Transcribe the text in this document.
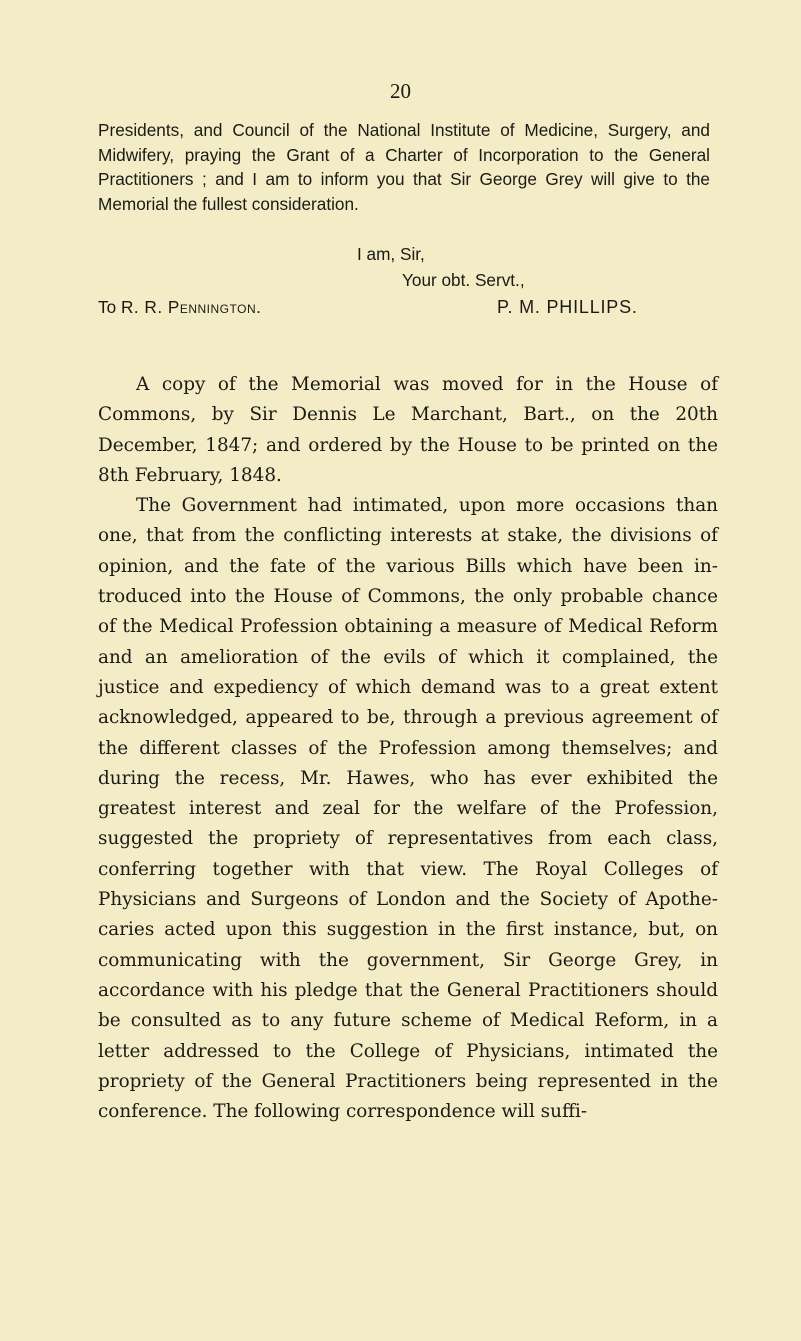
20

Presidents, and Council of the National Institute of Medicine, Surgery, and Midwifery, praying the Grant of a Charter of Incorporation to the General Practitioners ; and I am to inform you that Sir George Grey will give to the Memorial the fullest consideration.

I am, Sir,
Your obt. Servt.,
To R. R. Pennington.	P. M. PHILLIPS.

A copy of the Memorial was moved for in the House of Commons, by Sir Dennis Le Marchant, Bart., on the 20th December, 1847; and ordered by the House to be printed on the 8th February, 1848.

The Government had intimated, upon more occasions than one, that from the conflicting interests at stake, the divisions of opinion, and the fate of the various Bills which have been introduced into the House of Commons, the only probable chance of the Medical Profession obtaining a measure of Medical Reform and an amelioration of the evils of which it complained, the justice and expediency of which demand was to a great extent acknowledged, appeared to be, through a previous agreement of the different classes of the Profession among themselves; and during the recess, Mr. Hawes, who has ever exhibited the greatest interest and zeal for the welfare of the Profession, suggested the propriety of representatives from each class, conferring together with that view. The Royal Colleges of Physicians and Surgeons of London and the Society of Apothecaries acted upon this suggestion in the first instance, but, on communicating with the government, Sir George Grey, in accordance with his pledge that the General Practitioners should be consulted as to any future scheme of Medical Reform, in a letter addressed to the College of Physicians, intimated the propriety of the General Practitioners being represented in the conference. The following correspondence will suffi-
